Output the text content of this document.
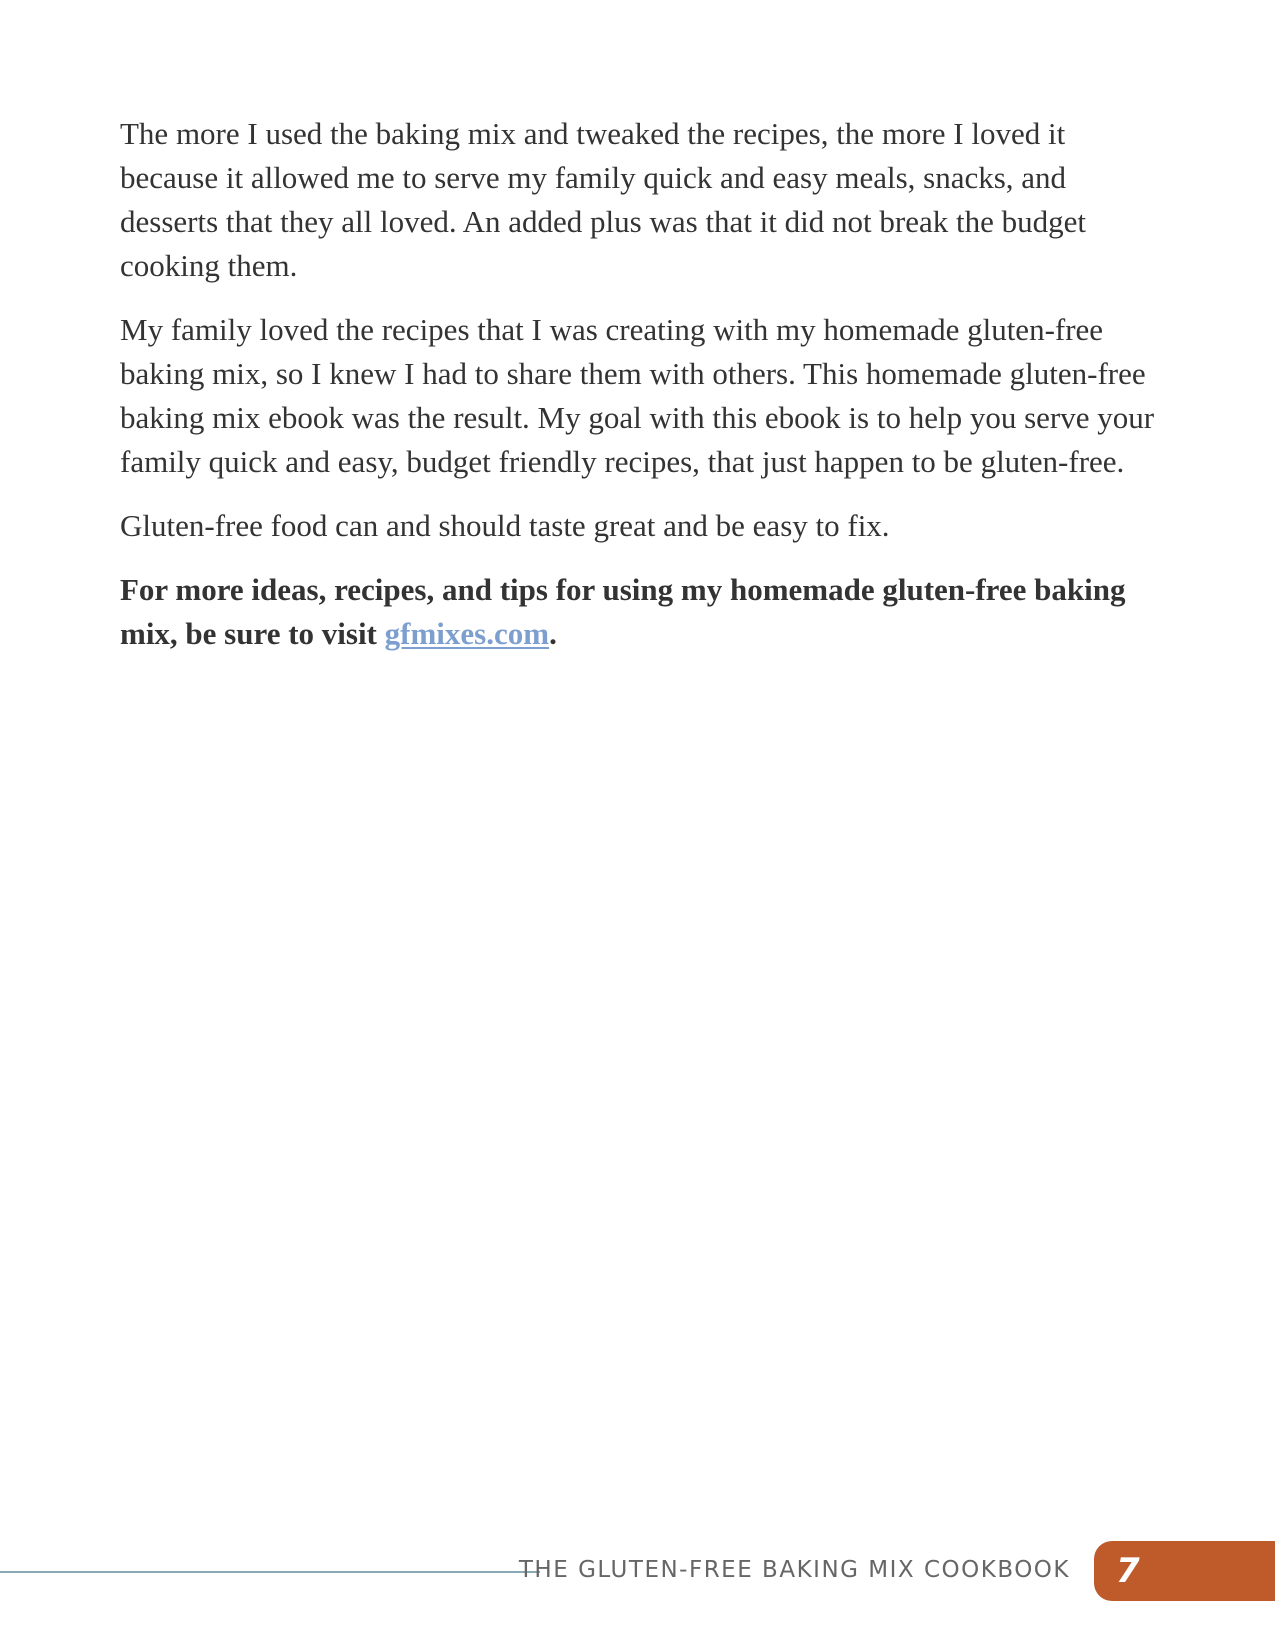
The more I used the baking mix and tweaked the recipes, the more I loved it because it allowed me to serve my family quick and easy meals, snacks, and desserts that they all loved. An added plus was that it did not break the budget cooking them.

My family loved the recipes that I was creating with my homemade gluten-free baking mix, so I knew I had to share them with others. This homemade gluten-free baking mix ebook was the result. My goal with this ebook is to help you serve your family quick and easy, budget friendly recipes, that just happen to be gluten-free.

Gluten-free food can and should taste great and be easy to fix.

For more ideas, recipes, and tips for using my homemade gluten-free baking mix, be sure to visit gfmixes.com.

THE GLUTEN-FREE BAKING MIX COOKBOOK 7
